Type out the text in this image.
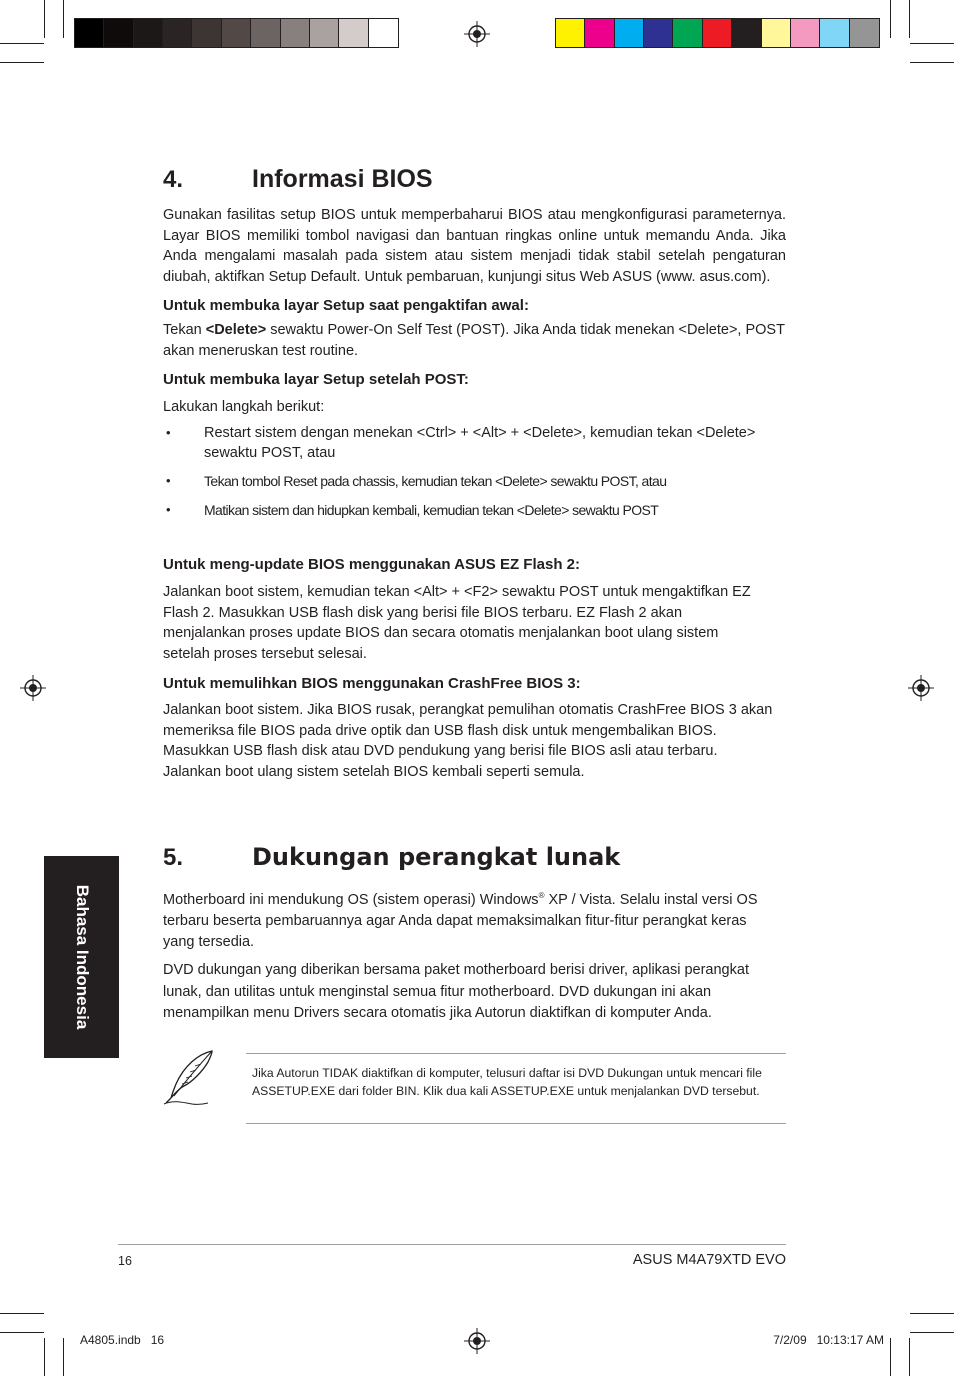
4.	Informasi BIOS
Gunakan fasilitas setup BIOS untuk memperbaharui BIOS atau mengkonfigurasi parameternya. Layar BIOS memiliki tombol navigasi dan bantuan ringkas online untuk memandu Anda. Jika Anda mengalami masalah pada sistem atau sistem menjadi tidak stabil setelah pengaturan diubah, aktifkan Setup Default. Untuk pembaruan, kunjungi situs Web ASUS (www. asus.com).
Untuk membuka layar Setup saat pengaktifan awal:
Tekan <Delete> sewaktu Power-On Self Test (POST). Jika Anda tidak menekan <Delete>, POST akan meneruskan test routine.
Untuk membuka layar Setup setelah POST:
Lakukan langkah berikut:
• Restart sistem dengan menekan <Ctrl> + <Alt> + <Delete>, kemudian tekan <Delete> sewaktu POST, atau
• Tekan tombol Reset pada chassis, kemudian tekan <Delete> sewaktu POST, atau
• Matikan sistem dan hidupkan kembali, kemudian tekan <Delete> sewaktu POST
Untuk meng-update BIOS menggunakan ASUS EZ Flash 2:
Jalankan boot sistem, kemudian tekan <Alt> + <F2> sewaktu POST untuk mengaktifkan EZ Flash 2. Masukkan USB flash disk yang berisi file BIOS terbaru. EZ Flash 2 akan menjalankan proses update BIOS dan secara otomatis menjalankan boot ulang sistem setelah proses tersebut selesai.
Untuk memulihkan BIOS menggunakan CrashFree BIOS 3:
Jalankan boot sistem. Jika BIOS rusak, perangkat pemulihan otomatis CrashFree BIOS 3 akan memeriksa file BIOS pada drive optik dan USB flash disk untuk mengembalikan BIOS. Masukkan USB flash disk atau DVD pendukung yang berisi file BIOS asli atau terbaru. Jalankan boot ulang sistem setelah BIOS kembali seperti semula.
5.	Dukungan perangkat lunak
Motherboard ini mendukung OS (sistem operasi) Windows® XP / Vista. Selalu instal versi OS terbaru beserta pembaruannya agar Anda dapat memaksimalkan fitur-fitur perangkat keras yang tersedia.
DVD dukungan yang diberikan bersama paket motherboard berisi driver, aplikasi perangkat lunak, dan utilitas untuk menginstal semua fitur motherboard. DVD dukungan ini akan menampilkan menu Drivers secara otomatis jika Autorun diaktifkan di komputer Anda.
Jika Autorun TIDAK diaktifkan di komputer, telusuri daftar isi DVD Dukungan untuk mencari file ASSETUP.EXE dari folder BIN. Klik dua kali ASSETUP.EXE untuk menjalankan DVD tersebut.
Bahasa Indonesia
16	ASUS M4A79XTD EVO
A4805.indb   16	7/2/09   10:13:17 AM
